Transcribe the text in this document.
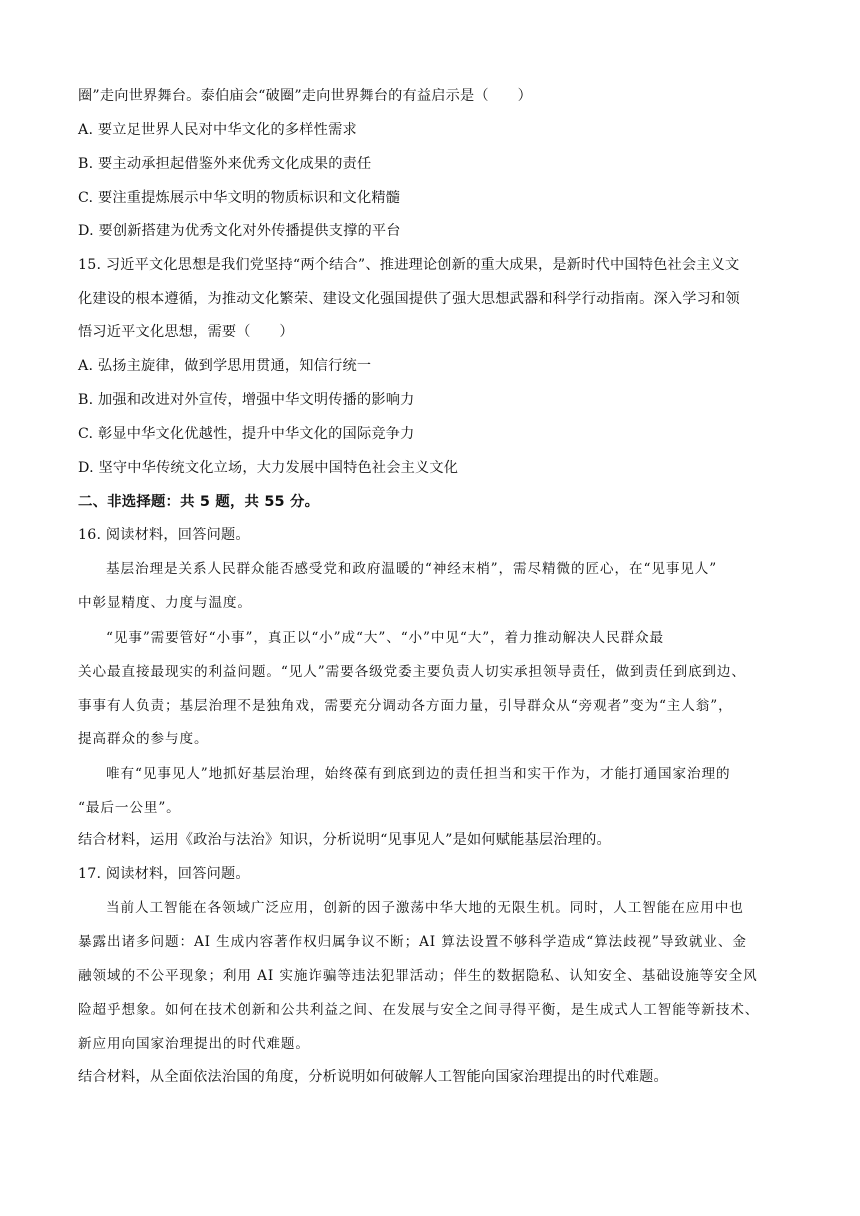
圈”走向世界舞台。泰伯庙会“破圈”走向世界舞台的有益启示是（　　）
A. 要立足世界人民对中华文化的多样性需求
B. 要主动承担起借鉴外来优秀文化成果的责任
C. 要注重提炼展示中华文明的物质标识和文化精髓
D. 要创新搭建为优秀文化对外传播提供支撑的平台
15. 习近平文化思想是我们党坚持“两个结合”、推进理论创新的重大成果，是新时代中国特色社会主义文
化建设的根本遵循，为推动文化繁荣、建设文化强国提供了强大思想武器和科学行动指南。深入学习和领
悟习近平文化思想，需要（　　）
A. 弘扬主旋律，做到学思用贯通，知信行统一
B. 加强和改进对外宣传，增强中华文明传播的影响力
C. 彰显中华文化优越性，提升中华文化的国际竞争力
D. 坚守中华传统文化立场，大力发展中国特色社会主义文化
二、非选择题：共 5 题，共 55 分。
16. 阅读材料，回答问题。
基层治理是关系人民群众能否感受党和政府温暖的“神经末梢”，需尽精微的匠心，在“见事见人”
中彰显精度、力度与温度。
“见事”需要管好“小事”，真正以“小”成“大”、“小”中见“大”，着力推动解决人民群众最
关心最直接最现实的利益问题。“见人”需要各级党委主要负责人切实承担领导责任，做到责任到底到边、
事事有人负责；基层治理不是独角戏，需要充分调动各方面力量，引导群众从“旁观者”变为“主人翁”，
提高群众的参与度。
唯有“见事见人”地抓好基层治理，始终葆有到底到边的责任担当和实干作为，才能打通国家治理的
“最后一公里”。
结合材料，运用《政治与法治》知识，分析说明“见事见人”是如何赋能基层治理的。
17. 阅读材料，回答问题。
当前人工智能在各领域广泛应用，创新的因子激荡中华大地的无限生机。同时，人工智能在应用中也
暴露出诸多问题：AI 生成内容著作权归属争议不断；AI 算法设置不够科学造成“算法歧视”导致就业、金
融领域的不公平现象；利用 AI 实施诈骗等违法犯罪活动；伴生的数据隐私、认知安全、基础设施等安全风
险超乎想象。如何在技术创新和公共利益之间、在发展与安全之间寻得平衡，是生成式人工智能等新技术、
新应用向国家治理提出的时代难题。
结合材料，从全面依法治国的角度，分析说明如何破解人工智能向国家治理提出的时代难题。
